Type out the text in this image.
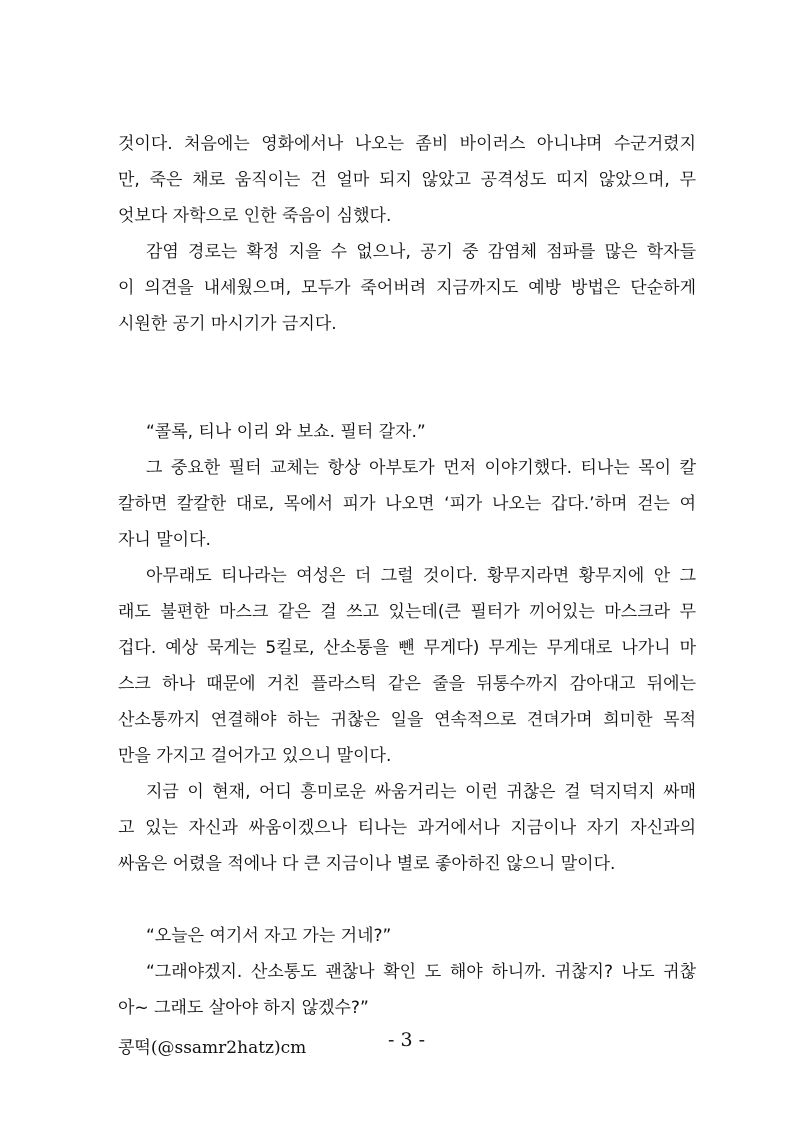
것이다. 처음에는 영화에서나 나오는 좀비 바이러스 아니냐며 수군거렸지
만, 죽은 채로 움직이는 건 얼마 되지 않았고 공격성도 띠지 않았으며, 무
엇보다 자학으로 인한 죽음이 심했다.
감염 경로는 확정 지을 수 없으나, 공기 중 감염체 점파를 많은 학자들
이 의견을 내세웠으며, 모두가 죽어버려 지금까지도 예방 방법은 단순하게
시원한 공기 마시기가 금지다.
“콜록, 티나 이리 와 보쇼. 필터 갈자.”
그 중요한 필터 교체는 항상 아부토가 먼저 이야기했다. 티나는 목이 칼
칼하면 칼칼한 대로, 목에서 피가 나오면 ‘피가 나오는 갑다.’하며 걷는 여
자니 말이다.
아무래도 티나라는 여성은 더 그럴 것이다. 황무지라면 황무지에 안 그
래도 불편한 마스크 같은 걸 쓰고 있는데(큰 필터가 끼어있는 마스크라 무
겁다. 예상 묵게는 5킬로, 산소통을 뺀 무게다) 무게는 무게대로 나가니 마
스크 하나 때문에 거친 플라스틱 같은 줄을 뒤통수까지 감아대고 뒤에는
산소통까지 연결해야 하는 귀찮은 일을 연속적으로 견뎌가며 희미한 목적
만을 가지고 걸어가고 있으니 말이다.
지금 이 현재, 어디 흥미로운 싸움거리는 이런 귀찮은 걸 덕지덕지 싸매
고 있는 자신과 싸움이겠으나 티나는 과거에서나 지금이나 자기 자신과의
싸움은 어렸을 적에나 다 큰 지금이나 별로 좋아하진 않으니 말이다.
“오늘은 여기서 자고 가는 거네?”
“그래야겠지. 산소통도 괜찮나 확인 도 해야 하니까. 귀찮지? 나도 귀찮
아~ 그래도 살아야 하지 않겠수?”
콩떡(@ssamr2hatz)cm	- 3 -
